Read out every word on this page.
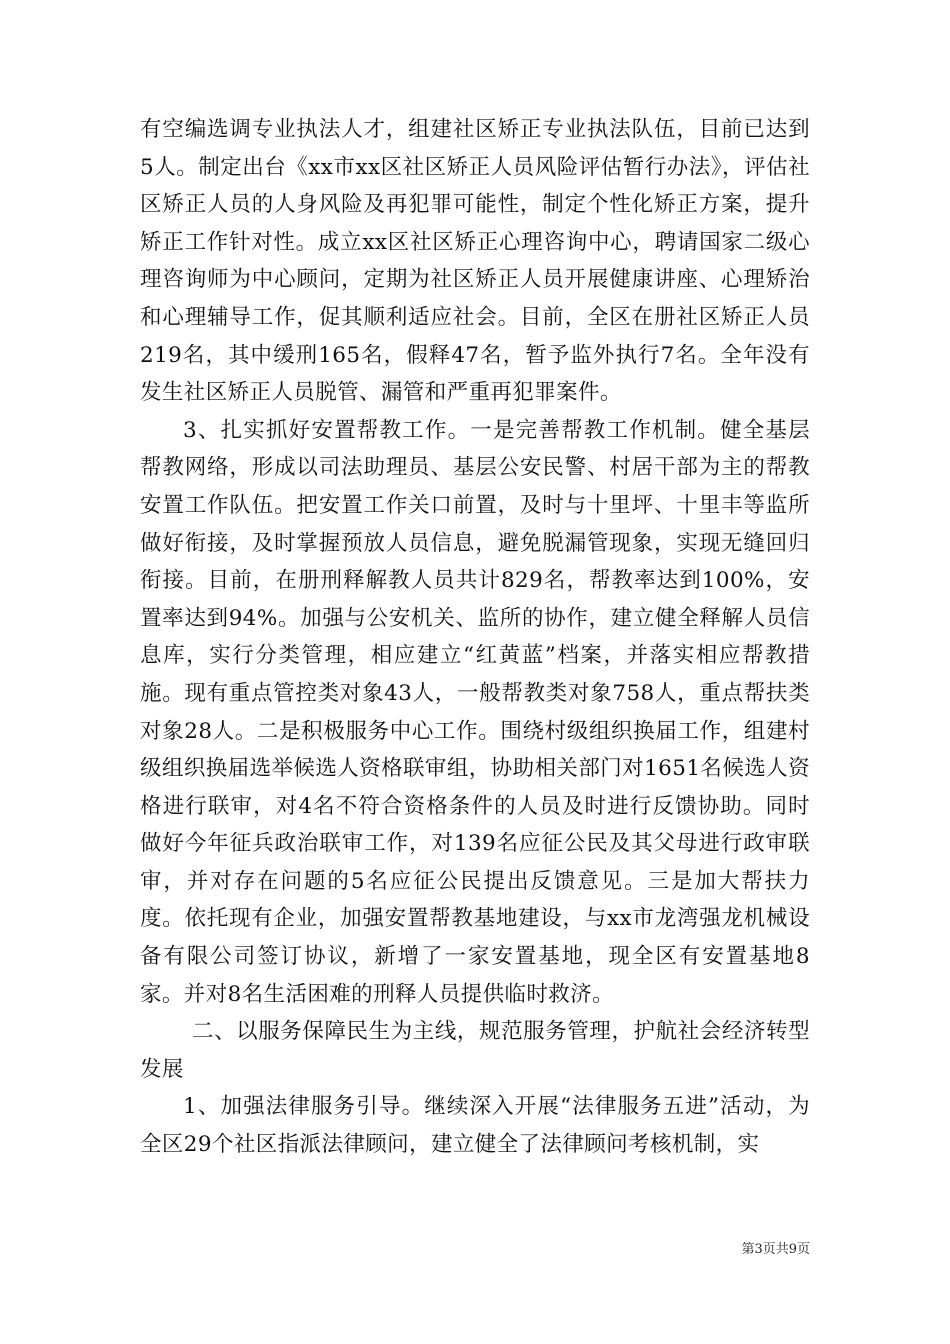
有空编选调专业执法人才，组建社区矫正专业执法队伍，目前已达到5人。制定出台《xx市xx区社区矫正人员风险评估暂行办法》，评估社区矫正人员的人身风险及再犯罪可能性，制定个性化矫正方案，提升矫正工作针对性。成立xx区社区矫正心理咨询中心，聘请国家二级心理咨询师为中心顾问，定期为社区矫正人员开展健康讲座、心理矫治和心理辅导工作，促其顺利适应社会。目前，全区在册社区矫正人员219名，其中缓刑165名，假释47名，暂予监外执行7名。全年没有发生社区矫正人员脱管、漏管和严重再犯罪案件。

3、扎实抓好安置帮教工作。一是完善帮教工作机制。健全基层帮教网络，形成以司法助理员、基层公安民警、村居干部为主的帮教安置工作队伍。把安置工作关口前置，及时与十里坪、十里丰等监所做好衔接，及时掌握预放人员信息，避免脱漏管现象，实现无缝回归衔接。目前，在册刑释解教人员共计829名，帮教率达到100%，安置率达到94%。加强与公安机关、监所的协作，建立健全释解人员信息库，实行分类管理，相应建立“红黄蓝”档案，并落实相应帮教措施。现有重点管控类对象43人，一般帮教类对象758人，重点帮扶类对象28人。二是积极服务中心工作。围绕村级组织换届工作，组建村级组织换届选举候选人资格联审组，协助相关部门对1651名候选人资格进行联审，对4名不符合资格条件的人员及时进行反馈协助。同时做好今年征兵政治联审工作，对139名应征公民及其父母进行政审联审，并对存在问题的5名应征公民提出反馈意见。三是加大帮扶力度。依托现有企业，加强安置帮教基地建设，与xx市龙湾强龙机械设备有限公司签订协议，新增了一家安置基地，现全区有安置基地8家。并对8名生活困难的刑释人员提供临时救济。

二、以服务保障民生为主线，规范服务管理，护航社会经济转型发展

1、加强法律服务引导。继续深入开展“法律服务五进”活动，为全区29个社区指派法律顾问，建立健全了法律顾问考核机制，实

第3页共9页
